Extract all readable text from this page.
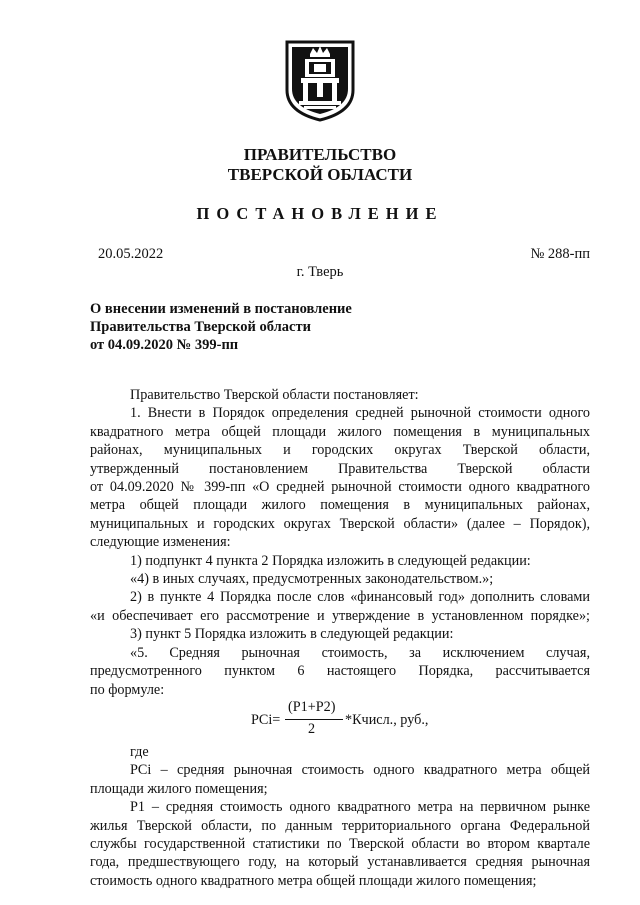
ПРАВИТЕЛЬСТВО
ТВЕРСКОЙ ОБЛАСТИ
ПОСТАНОВЛЕНИЕ
20.05.2022	№ 288-пп
г. Тверь
О внесении изменений в постановление
Правительства Тверской области
от 04.09.2020 № 399-пп

Правительство Тверской области постановляет:

1. Внести в Порядок определения средней рыночной стоимости одного

квадратного метра общей площади жилого помещения в муниципальных

районах, муниципальных и городских округах Тверской области,

утвержденный постановлением Правительства Тверской области

от 04.09.2020 № 399-пп «О средней рыночной стоимости одного квадратного

метра общей площади жилого помещения в муниципальных районах,

муниципальных и городских округах Тверской области» (далее – Порядок),

следующие изменения:

1) подпункт 4 пункта 2 Порядка изложить в следующей редакции:

«4) в иных случаях, предусмотренных законодательством.»;

2) в пункте 4 Порядка после слов «финансовый год» дополнить словами

«и обеспечивает его рассмотрение и утверждение в установленном порядке»;

3) пункт 5 Порядка изложить в следующей редакции:

«5. Средняя рыночная стоимость, за исключением случая,

предусмотренного пунктом 6 настоящего Порядка, рассчитывается

по формуле:

PCi=
(P1+P2)
2
*Кчисл., руб.,

где

PCi – средняя рыночная стоимость одного квадратного метра общей

площади жилого помещения;

P1 – средняя стоимость одного квадратного метра на первичном рынке

жилья Тверской области, по данным территориального органа Федеральной

службы государственной статистики по Тверской области во втором квартале

года, предшествующего году, на который устанавливается средняя рыночная

стоимость одного квадратного метра общей площади жилого помещения;
